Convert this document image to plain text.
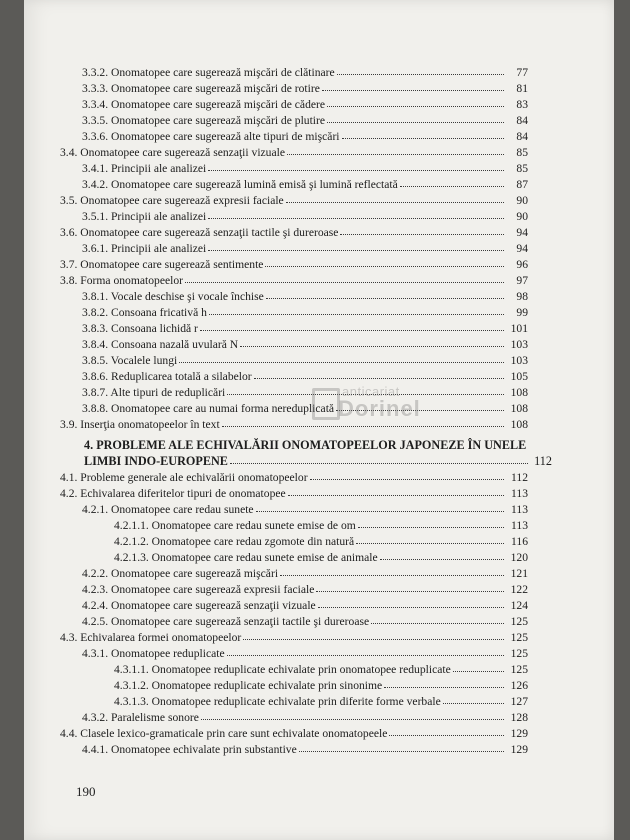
3.3.2. Onomatopee care sugerează mişcări de clătinare	77
3.3.3. Onomatopee care sugerează mişcări de rotire	81
3.3.4. Onomatopee care sugerează mişcări de cădere	83
3.3.5. Onomatopee care sugerează mişcări de plutire	84
3.3.6. Onomatopee care sugerează alte tipuri de mişcări	84
3.4. Onomatopee care sugerează senzaţii vizuale	85
3.4.1. Principii ale analizei	85
3.4.2. Onomatopee care sugerează lumină emisă şi lumină reflectată	87
3.5. Onomatopee care sugerează expresii faciale	90
3.5.1. Principii ale analizei	90
3.6. Onomatopee care sugerează senzaţii tactile şi dureroase	94
3.6.1. Principii ale analizei	94
3.7. Onomatopee care sugerează sentimente	96
3.8. Forma onomatopeelor	97
3.8.1. Vocale deschise şi vocale închise	98
3.8.2. Consoana fricativă h	99
3.8.3. Consoana lichidă r	101
3.8.4. Consoana nazală uvulară N	103
3.8.5. Vocalele lungi	103
3.8.6. Reduplicarea totală a silabelor	105
3.8.7. Alte tipuri de reduplicări	108
3.8.8. Onomatopee care au numai forma nereduplicată	108
3.9. Inserţia onomatopeelor în text	108
4.1. Probleme generale ale echivalării onomatopeelor	112
4.2. Echivalarea diferitelor tipuri de onomatopee	113
4.2.1. Onomatopee care redau sunete	113
4.2.1.1. Onomatopee care redau sunete emise de om	113
4.2.1.2. Onomatopee care redau zgomote din natură	116
4.2.1.3. Onomatopee care redau sunete emise de animale	120
4.2.2. Onomatopee care sugerează mişcări	121
4.2.3. Onomatopee care sugerează expresii faciale	122
4.2.4. Onomatopee care sugerează senzaţii vizuale	124
4.2.5. Onomatopee care sugerează senzaţii tactile şi dureroase	125
4.3. Echivalarea formei onomatopeelor	125
4.3.1. Onomatopee reduplicate	125
4.3.1.1. Onomatopee reduplicate echivalate prin onomatopee reduplicate	125
4.3.1.2. Onomatopee reduplicate echivalate prin sinonime	126
4.3.1.3. Onomatopee reduplicate echivalate prin diferite forme verbale	127
4.3.2. Paralelisme sonore	128
4.4. Clasele lexico-gramaticale prin care sunt echivalate onomatopeele	129
4.4.1. Onomatopee echivalate prin substantive	129
4. PROBLEME ALE ECHIVALĂRII ONOMATOPEELOR JAPONEZE ÎN UNELE
LIMBI INDO-EUROPENE	112
anticariat
Dorinel
190
